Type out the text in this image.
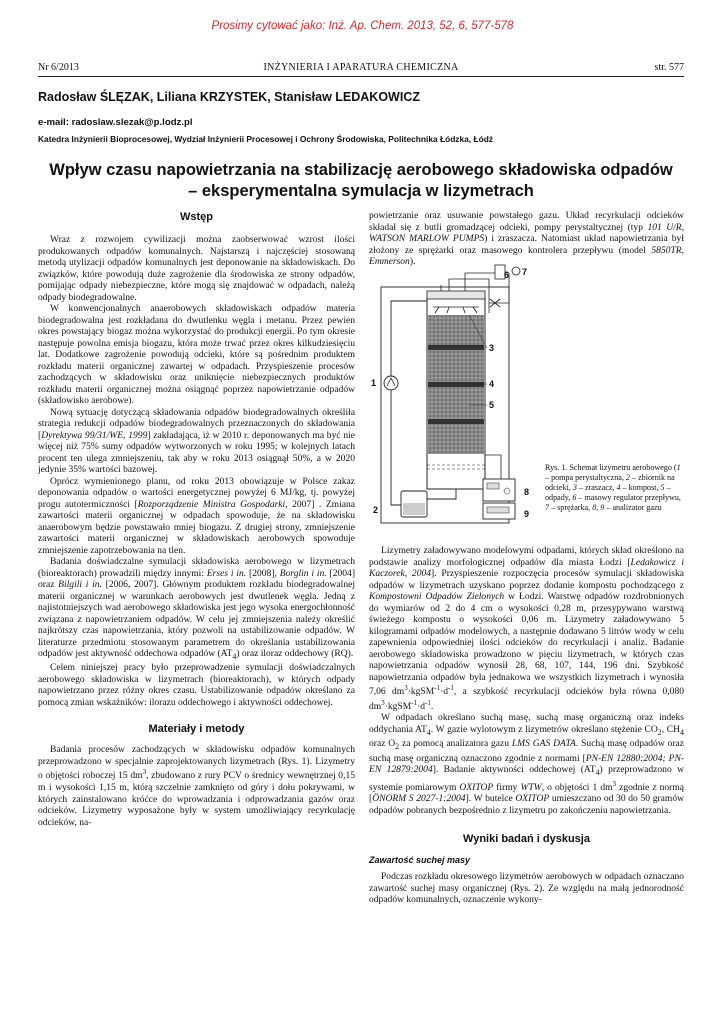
Prosimy cytować jako: Inż. Ap. Chem. 2013, 52, 6, 577-578
INŻYNIERIA I APARATURA CHEMICZNA
Nr 6/2013	str. 577
Radosław ŚLĘZAK, Liliana KRZYSTEK, Stanisław LEDAKOWICZ
e-mail: radoslaw.slezak@p.lodz.pl
Katedra Inżynierii Bioprocesowej, Wydział Inżynierii Procesowej i Ochrony Środowiska, Politechnika Łódzka, Łódź
Wpływ czasu napowietrzania na stabilizację aerobowego składowiska odpadów
– eksperymentalna symulacja w lizymetrach
Wstęp

Wraz z rozwojem cywilizacji można zaobserwować wzrost ilości produkowanych odpadów komunalnych. Najstarszą i najczęściej stosowaną metodą utylizacji odpadów komunalnych jest deponowanie na składowiskach. Do związków, które powodują duże zagrożenie dla środowiska ze strony odpadów, pomijając odpady niebezpieczne, które mogą się znajdować w odpadach, należą odpady biodegradowalne.

W konwencjonalnych anaerobowych składowiskach odpadów materia biodegradowalna jest rozkładana do dwutlenku węgla i metanu. Przez pewien okres powstający biogaz można wykorzystać do produkcji energii. Po tym okresie następuje powolna emisja biogazu, która może trwać przez okres kilkudziesięciu lat. Dodatkowe zagrożenie powodują odcieki, które są pośrednim produktem rozkładu materii organicznej zawartej w odpadach. Przyspieszenie procesów zachodzących w składowisku oraz uniknięcie niebezpiecznych produktów rozkładu materii organicznej można osiągnąć poprzez napowietrzanie odpadów (składowisko aerobowe).

Nową sytuację dotyczącą składowania odpadów biodegradowalnych określiła strategia redukcji odpadów biodegradowalnych przeznaczonych do składowania [Dyrektywa 99/31/WE, 1999] zakładająca, iż w 2010 r. deponowanych ma być nie więcej niż 75% sumy odpadów wytworzonych w roku 1995; w kolejnych latach procent ten ulega zmniejszeniu, tak aby w roku 2013 osiągnął 50%, a w 2020 jedynie 35% wartości bazowej.

Oprócz wymienionego planu, od roku 2013 obowiązuje w Polsce zakaz deponowania odpadów o wartości energetycznej powyżej 6 MJ/kg, tj. powyżej progu autotermiczności [Rozporządzenie Ministra Gospodarki, 2007] . Zmiana zawartości materii organicznej w odpadach spowoduje, że na składowisku anaerobowym będzie powstawało mniej biogazu. Z drugiej strony, zmniejszenie zawartości materii organicznej w składowiskach aerobowych spowoduje zmniejszenie zapotrzebowania na tlen.

Badania doświadczalne symulacji składowiska aerobowego w lizymetrach (bioreaktorach) prowadzili między innymi: Erses i in. [2008], Borglin i in. [2004] oraz Bilgili i in. [2006, 2007]. Głównym produktem rozkładu biodegradowalnej materii organicznej w warunkach aerobowych jest dwutlenek węgla. Jedną z najistotniejszych wad aerobowego składowiska jest jego wysoka energochłonność związana z napowietrzaniem odpadów. W celu jej zmniejszenia należy określić najkrótszy czas napowietrzania, który pozwoli na ustabilizowanie odpadów. W literaturze przedmiotu stosowanym parametrem do określania ustabilizowania odpadów jest aktywność oddechowa odpadów $(AT_4)$ oraz iloraz oddechowy (RQ).

Celem niniejszej pracy było przeprowadzenie symulacji doświadczalnych aerobowego składowiska w lizymetrach (bioreaktorach), w których odpady napowietrzano przez różny okres czasu. Ustabilizowanie odpadów określano za pomocą zmian wskaźników: ilorazu oddechowego i aktywności oddechowej.

Materiały i metody

Badania procesów zachodzących w składowisku odpadów komunalnych przeprowadzono w specjalnie zaprojektowanych lizymetrach (Rys. 1). Lizymetry o objętości roboczej 15 $dm^3$, zbudowano z rury PCV o średnicy wewnętrznej 0,15 m i wysokości 1,15 m, którą szczelnie zamknięto od góry i dołu pokrywami, w których zainstalowano króćce do wprowadzania i odprowadzania gazów oraz odcieków. Lizymetry wyposażone były w system umożliwiający recyrkulację odcieków, na-

powietrzanie oraz usuwanie powstałego gazu. Układ recyrkulacji odcieków składał się z butli gromadzącej odcieki, pompy perystaltycznej (typ 101 U/R, WATSON MARLOW PUMPS) i zraszacza. Natomiast układ napowietrzania był złożony ze sprężarki oraz masowego kontrolera przepływu (model 5850TR, Emmerson).

1
2
3
4
5
6 7
8
9
Rys. 1. Schemat lizymetru aerobowego (1 – pompa perystaltyczna, 2 – zbiornik na odcieki, 3 – zraszacz, 4 – kompost, 5 – odpady, 6 – masowy regulator przepływu, 7 – sprężarka, 8, 9 – analizator gazu

Lizymetry załadowywano modelowymi odpadami, których skład określono na podstawie analizy morfologicznej odpadów dla miasta Łodzi [Ledakowicz i Kaczorek, 2004]. Przyspieszenie rozpoczęcia procesów symulacji składowiska odpadów w lizymetrach uzyskano poprzez dodanie kompostu pochodzącego z Kompostowni Odpadów Zielonych w Łodzi. Warstwę odpadów rozdrobnionych do wymiarów od 2 do 4 cm o wysokości 0,28 m, przesypywano warstwą świeżego kompostu o wysokości 0,06 m. Lizymetry załadowywano 5 kilogramami odpadów modelowych, a następnie dodawano 5 litrów wody w celu zapewnienia odpowiedniej ilości odcieków do recyrkulacji i analiz. Badanie aerobowego składowiska prowadzono w pięciu lizymetrach, w których czas napowietrzania odpadów wynosił 28, 68, 107, 144, 196 dni. Szybkość napowietrzania odpadów była jednakowa we wszystkich lizymetrach i wynosiła 7,06 $dm^3\cdot kgSM^{-1}\cdot d^{-1}$, a szybkość recyrkulacji odcieków była równa 0,080 $dm^3\cdot kgSM^{-1}\cdot d^{-1}$.

W odpadach określano suchą masę, suchą masę organiczną oraz indeks oddychania $AT_4$. W gazie wylotowym z lizymetrów określano stężenie $CO_2$, $CH_4$ oraz $O_2$ za pomocą analizatora gazu LMS GAS DATA. Suchą masę odpadów oraz suchą masę organiczną oznaczono zgodnie z normami [PN-EN 12880:2004; PN-EN 12879:2004]. Badanie aktywności oddechowej $(AT_4)$ przeprowadzono w systemie pomiarowym OXITOP firmy WTW, o objętości 1 $dm^3$ zgodnie z normą [ÖNORM S 2027-1:2004]. W butelce OXITOP umieszczano od 30 do 50 gramów odpadów pobranych bezpośrednio z lizymetru po zakończeniu napowietrzania.

Wyniki badań i dyskusja
Zawartość suchej masy

Podczas rozkładu okresowego lizymetrów aerobowych w odpadach oznaczano zawartość suchej masy organicznej (Rys. 2). Ze względu na małą jednorodność odpadów komunalnych, oznaczenie wykony-
